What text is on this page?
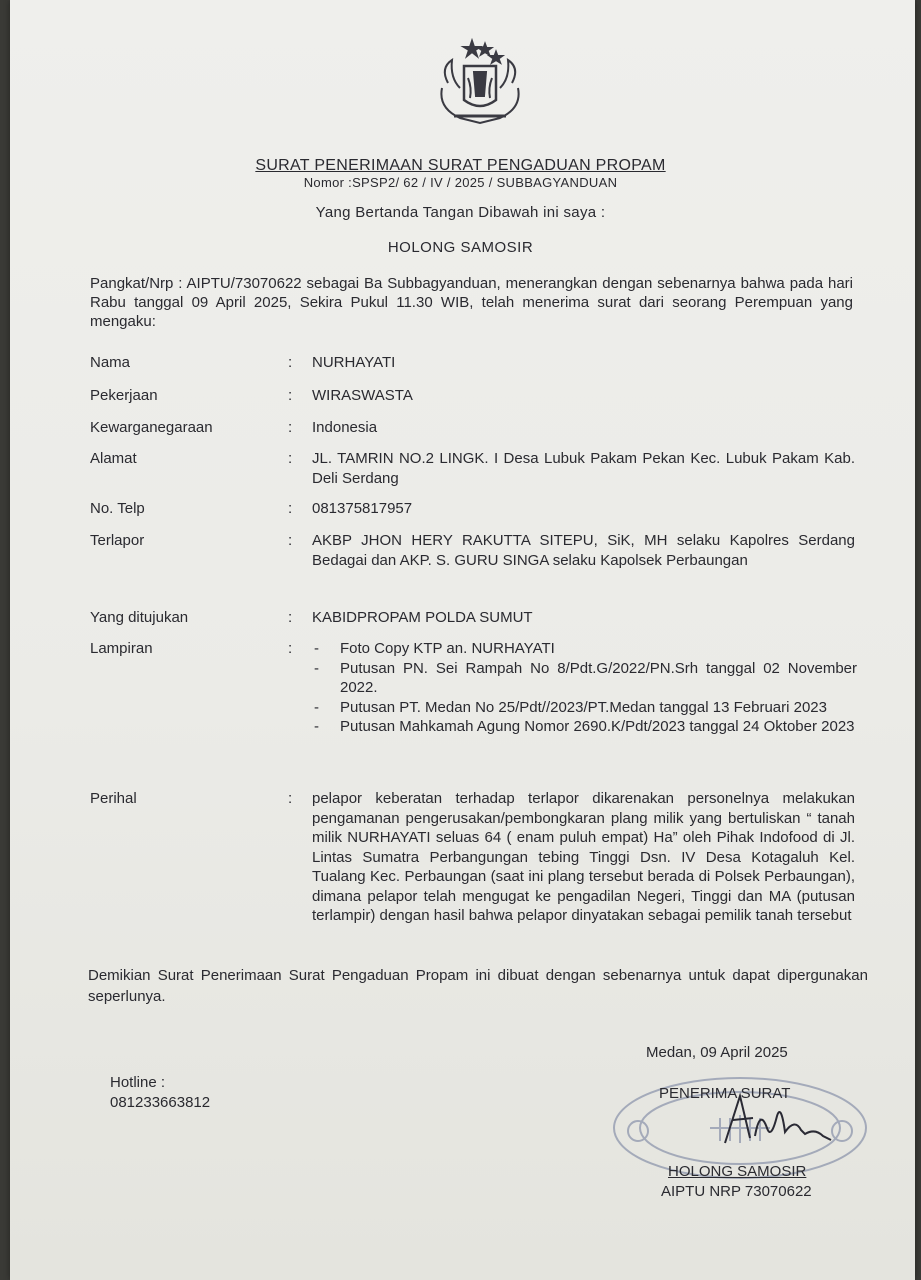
SURAT PENERIMAAN SURAT PENGADUAN PROPAM
Nomor :SPSP2/ 62 / IV / 2025 / SUBBAGYANDUAN
Yang Bertanda Tangan Dibawah ini saya :
HOLONG SAMOSIR
Pangkat/Nrp : AIPTU/73070622 sebagai Ba Subbagyanduan, menerangkan dengan sebenarnya bahwa pada hari Rabu tanggal 09 April 2025, Sekira Pukul 11.30 WIB, telah menerima surat dari seorang Perempuan yang mengaku:
Nama	: NURHAYATI
Pekerjaan	: WIRASWASTA
Kewarganegaraan	: Indonesia
Alamat	: JL. TAMRIN NO.2 LINGK. I Desa Lubuk Pakam Pekan Kec. Lubuk Pakam Kab. Deli Serdang
No. Telp	: 081375817957
Terlapor	: AKBP JHON HERY RAKUTTA SITEPU, SiK, MH selaku Kapolres Serdang Bedagai dan AKP. S. GURU SINGA selaku Kapolsek Perbaungan
Yang ditujukan	: KABIDPROPAM POLDA SUMUT
Lampiran	:
-	Foto Copy KTP an. NURHAYATI
- Putusan PN. Sei Rampah No 8/Pdt.G/2022/PN.Srh tanggal 02 November 2022.
- Putusan PT. Medan No 25/Pdt//2023/PT.Medan tanggal 13 Februari 2023
- Putusan Mahkamah Agung Nomor 2690.K/Pdt/2023 tanggal 24 Oktober 2023
Perihal	: pelapor keberatan terhadap terlapor dikarenakan personelnya melakukan pengamanan pengerusakan/pembongkaran plang milik yang bertuliskan “ tanah milik NURHAYATI seluas 64 ( enam puluh empat) Ha” oleh Pihak Indofood di Jl. Lintas Sumatra Perbangungan tebing Tinggi Dsn. IV Desa Kotagaluh Kel. Tualang Kec. Perbaungan (saat ini plang tersebut berada di Polsek Perbaungan), dimana pelapor telah mengugat ke pengadilan Negeri, Tinggi dan MA (putusan terlampir) dengan hasil bahwa pelapor dinyatakan sebagai pemilik tanah tersebut
Demikian Surat Penerimaan Surat Pengaduan Propam ini dibuat dengan sebenarnya untuk dapat dipergunakan seperlunya.
Medan, 09 April 2025
Hotline :
081233663812
PENERIMA SURAT
HOLONG SAMOSIR
AIPTU NRP 73070622
